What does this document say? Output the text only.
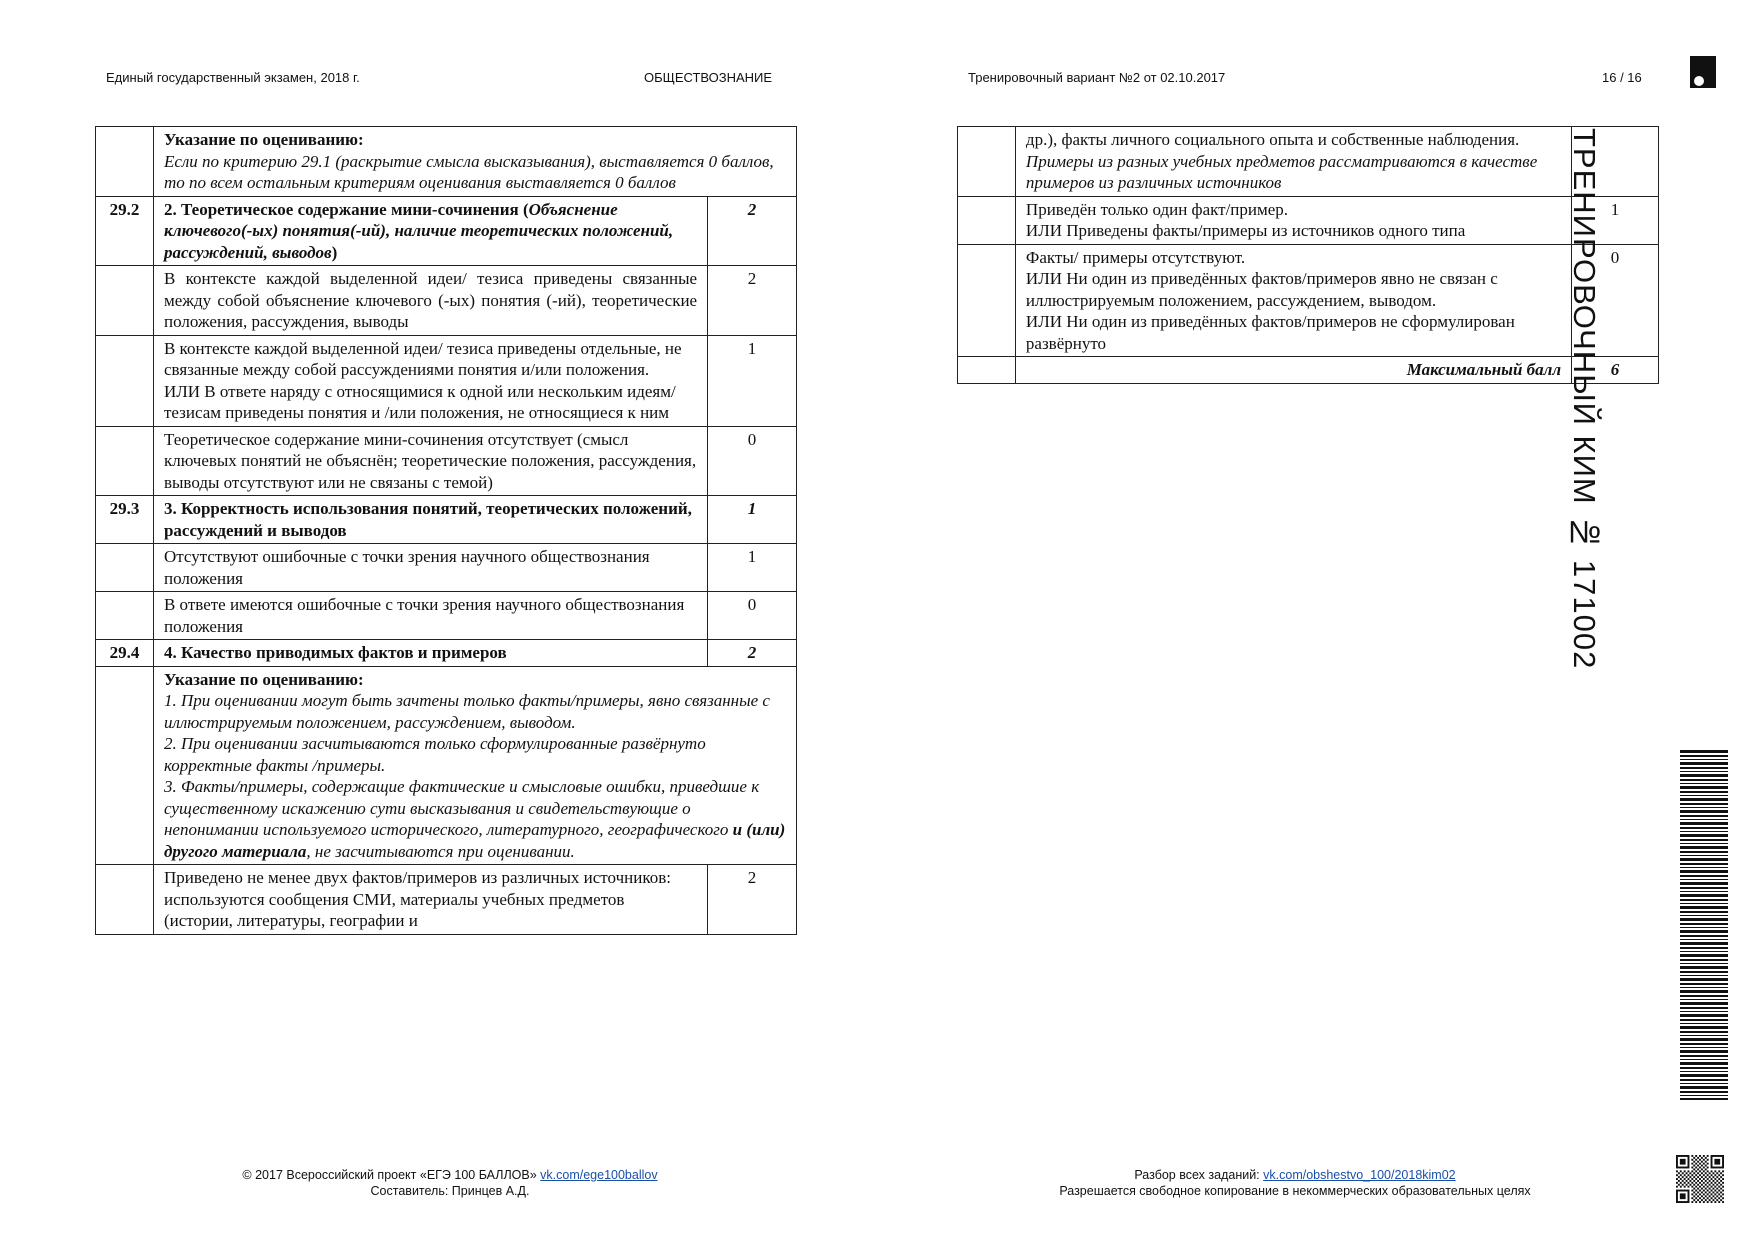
Единый государственный экзамен, 2018 г.	ОБЩЕСТВОЗНАНИЕ	Тренировочный вариант №2 от 02.10.2017	16 / 16

	Указание по оцениванию:
Если по критерию 29.1 (раскрытие смысла высказывания), выставляется 0 баллов, то по всем остальным критериям оценивания выставляется 0 баллов	

29.2	2. Теоретическое содержание мини-сочинения (Объяснение ключевого(-ых) понятия(-ий), наличие теоретических положений, рассуждений, выводов)	2
	В контексте каждой выделенной идеи/ тезиса приведены связанные между собой объяснение ключевого (-ых) понятия (-ий), теоретические положения, рассуждения, выводы	2

	В контексте каждой выделенной идеи/ тезиса приведены отдельные, не связанные между собой рассуждениями понятия и/или положения.
ИЛИ В ответе наряду с относящимися к одной или нескольким идеям/тезисам приведены понятия и /или положения, не относящиеся к ним	1
	Теоретическое содержание мини-сочинения отсутствует (смысл ключевых понятий не объяснён; теоретические положения, рассуждения, выводы отсутствуют или не связаны с темой)	0
29.3	3. Корректность использования понятий, теоретических положений, рассуждений и выводов	1
	Отсутствуют ошибочные с точки зрения научного обществознания положения	1
	В ответе имеются ошибочные с точки зрения научного обществознания положения	0
29.4	4. Качество приводимых фактов и примеров	2

	Указание по оцениванию:
1. При оценивании могут быть зачтены только факты/примеры, явно связанные с иллюстрируемым положением, рассуждением, выводом.
2. При оценивании засчитываются только сформулированные развёрнуто корректные факты /примеры.
3. Факты/примеры, содержащие фактические и смысловые ошибки, приведшие к существенному искажению сути высказывания и свидетельствующие о непонимании используемого исторического, литературного, географического и (или) другого материала, не засчитываются при оценивании.	

	Приведено не менее двух фактов/примеров из различных источников: используются сообщения СМИ, материалы учебных предметов (истории, литературы, географии и	2

	др.), факты личного социального опыта и собственные наблюдения.
Примеры из разных учебных предметов рассматриваются в качестве примеров из различных источников	

	Приведён только один факт/пример.
ИЛИ Приведены факты/примеры из источников одного типа	1

	Факты/ примеры отсутствуют.
ИЛИ Ни один из приведённых фактов/примеров явно не связан с иллюстрируемым положением, рассуждением, выводом.
ИЛИ Ни один из приведённых фактов/примеров не сформулирован развёрнуто	0
	Максимальный балл	6
ТРЕНИРОВОЧНЫЙ КИМ № 171002
© 2017 Всероссийский проект «ЕГЭ 100 БАЛЛОВ» vk.com/ege100ballov
Составитель: Принцев А.Д.
Разбор всех заданий: vk.com/obshestvo_100/2018kim02
Разрешается свободное копирование в некоммерческих образовательных целях
